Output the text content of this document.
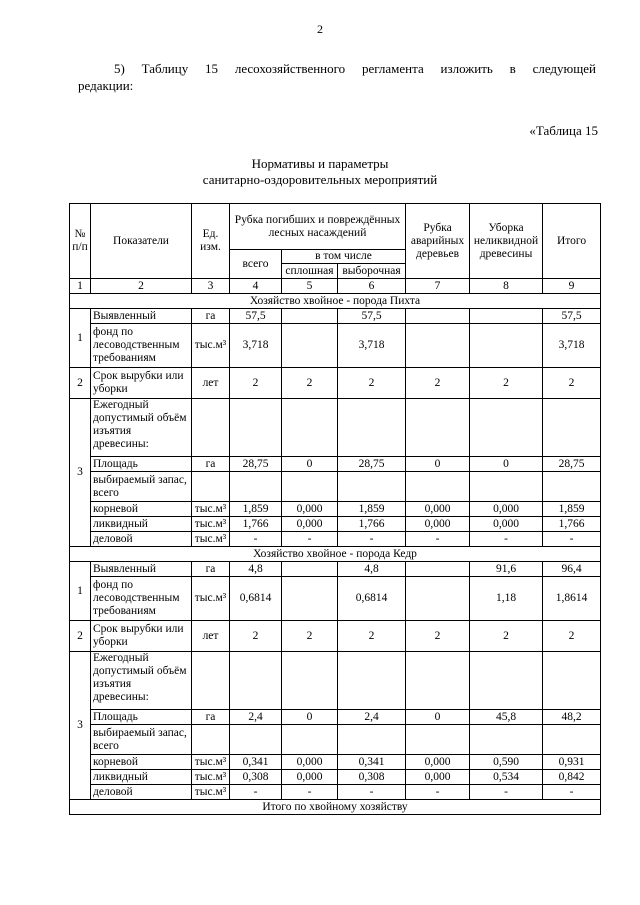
2
5) Таблицу 15 лесохозяйственного регламента изложить в следующей
редакции:
«Таблица 15
Нормативы и параметры
санитарно-оздоровительных мероприятий
№ п/п	Показатели	Ед. изм.	Рубка погибших и повреждённых лесных насаждений			Рубка аварийных деревьев	Уборка неликвидной древесины	Итого
			всего	в том числе				
				сплошная	выборочная			
1	2	3	4	5	6	7	8	9
Хозяйство хвойное - порода Пихта								
1	Выявленный	га	57,5		57,5			57,5
	фонд по лесоводственным требованиям	тыс.м³	3,718		3,718			3,718
2	Срок вырубки или уборки	лет	2	2	2	2	2	2
3	Ежегодный допустимый объём изъятия древесины:							
	Площадь	га	28,75	0	28,75	0	0	28,75
	выбираемый запас, всего							
	корневой	тыс.м³	1,859	0,000	1,859	0,000	0,000	1,859
	ликвидный	тыс.м³	1,766	0,000	1,766	0,000	0,000	1,766
	деловой	тыс.м³	-	-	-	-	-	-
Хозяйство хвойное - порода Кедр								
1	Выявленный	га	4,8		4,8		91,6	96,4
	фонд по лесоводственным требованиям	тыс.м³	0,6814		0,6814		1,18	1,8614
2	Срок вырубки или уборки	лет	2	2	2	2	2	2
3	Ежегодный допустимый объём изъятия древесины:							
	Площадь	га	2,4	0	2,4	0	45,8	48,2
	выбираемый запас, всего							
	корневой	тыс.м³	0,341	0,000	0,341	0,000	0,590	0,931
	ликвидный	тыс.м³	0,308	0,000	0,308	0,000	0,534	0,842
	деловой	тыс.м³	-	-	-	-	-	-
Итого по хвойному хозяйству								
